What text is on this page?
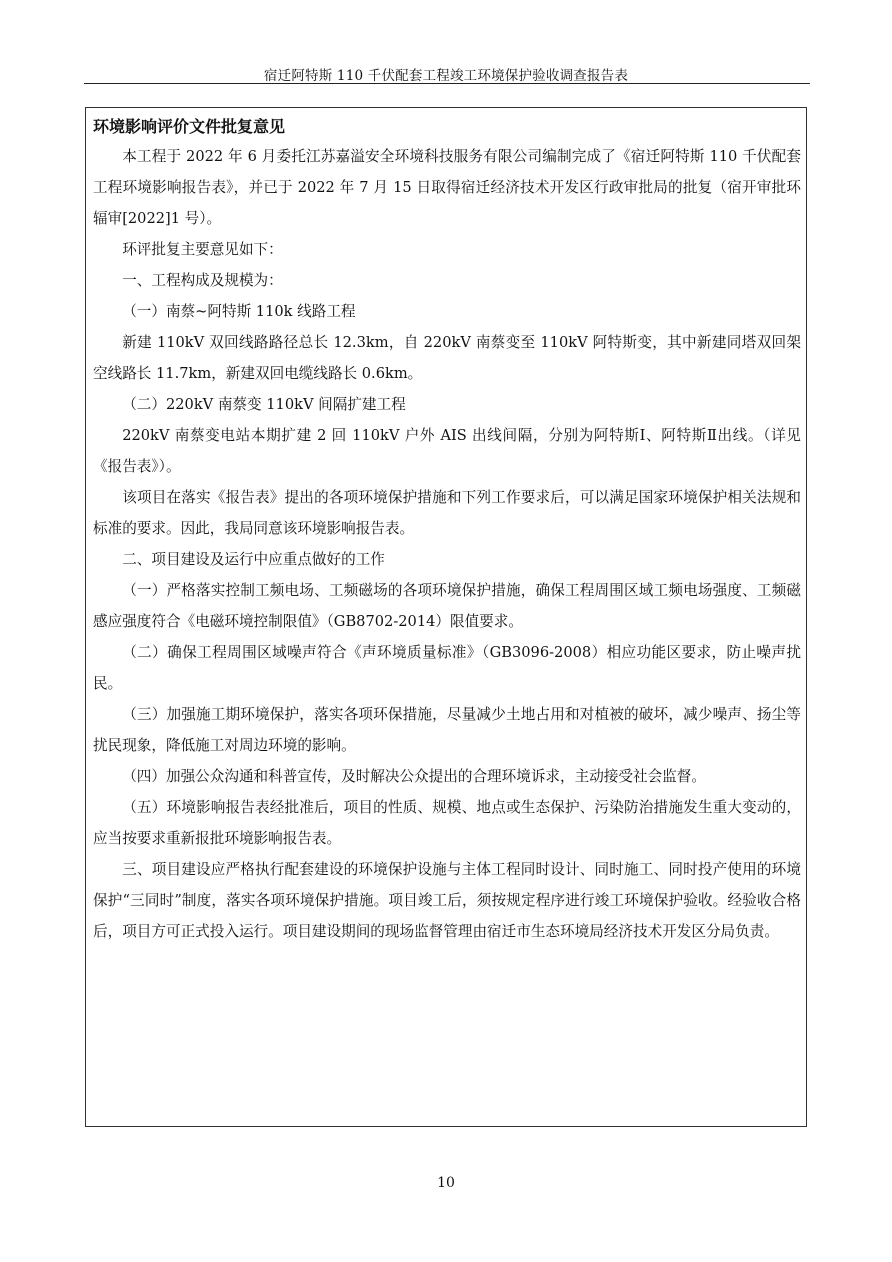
宿迁阿特斯 110 千伏配套工程竣工环境保护验收调查报告表
环境影响评价文件批复意见

本工程于 2022 年 6 月委托江苏嘉溢安全环境科技服务有限公司编制完成了《宿迁阿特斯 110 千伏配套工程环境影响报告表》，并已于 2022 年 7 月 15 日取得宿迁经济技术开发区行政审批局的批复（宿开审批环辐审[2022]1 号）。

环评批复主要意见如下：

一、工程构成及规模为：

（一）南蔡~阿特斯 110k 线路工程

新建 110kV 双回线路路径总长 12.3km，自 220kV 南蔡变至 110kV 阿特斯变，其中新建同塔双回架空线路长 11.7km，新建双回电缆线路长 0.6km。

（二）220kV 南蔡变 110kV 间隔扩建工程

220kV 南蔡变电站本期扩建 2 回 110kV 户外 AIS 出线间隔，分别为阿特斯Ⅰ、阿特斯Ⅱ出线。（详见《报告表》）。

该项目在落实《报告表》提出的各项环境保护措施和下列工作要求后，可以满足国家环境保护相关法规和标准的要求。因此，我局同意该环境影响报告表。

二、项目建设及运行中应重点做好的工作

（一）严格落实控制工频电场、工频磁场的各项环境保护措施，确保工程周围区域工频电场强度、工频磁感应强度符合《电磁环境控制限值》（GB8702-2014）限值要求。

（二）确保工程周围区域噪声符合《声环境质量标准》（GB3096-2008）相应功能区要求，防止噪声扰民。

（三）加强施工期环境保护，落实各项环保措施，尽量减少土地占用和对植被的破坏，减少噪声、扬尘等扰民现象，降低施工对周边环境的影响。

（四）加强公众沟通和科普宣传，及时解决公众提出的合理环境诉求，主动接受社会监督。

（五）环境影响报告表经批准后，项目的性质、规模、地点或生态保护、污染防治措施发生重大变动的，应当按要求重新报批环境影响报告表。

三、项目建设应严格执行配套建设的环境保护设施与主体工程同时设计、同时施工、同时投产使用的环境保护“三同时”制度，落实各项环境保护措施。项目竣工后，须按规定程序进行竣工环境保护验收。经验收合格后，项目方可正式投入运行。项目建设期间的现场监督管理由宿迁市生态环境局经济技术开发区分局负责。

10
